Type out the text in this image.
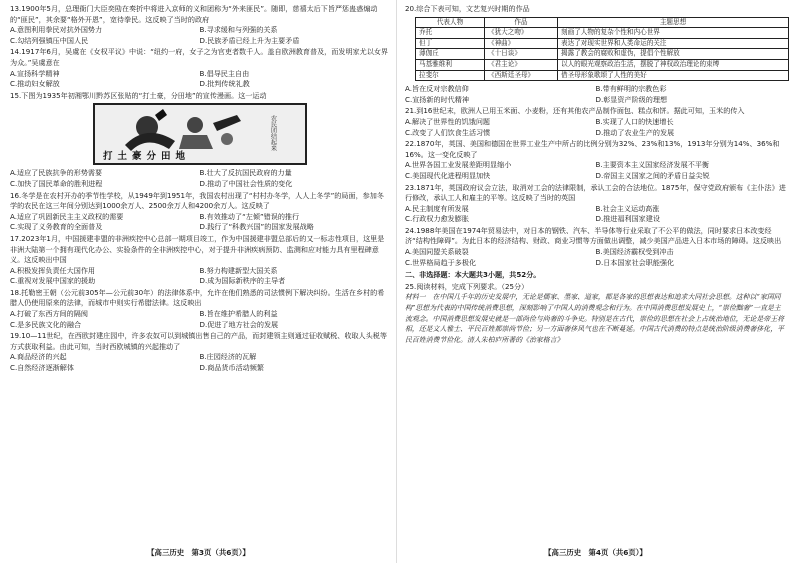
13.1900年5月，总理衙门大臣奕劻在奏折中将进入京师的义和团称为“外来匪民”。随即，慈禧太后下旨严惩蛊惑煽动的“匪民”，其余要“格外开恩”，宽待拳民。这反映了当时的政府

A.意图利用拳民对抗外国势力	B.寻求缓和与列强的关系
C.勾结列强镇压中国人民	D.民族矛盾已经上升为主要矛盾

14.1917年6月，吴虞在《女权平议》中说：“纽约一府，女子之为官吏者数千人。盖自欧洲教育普及，而发明家尤以女界为众。”吴虞意在

A.宣扬科学精神	B.倡导民主自由
C.推动妇女解放	D.批判传统礼教

15.下图为1935年初湘鄂川黔苏区张贴的“打土豪，分田地”的宣传漫画。这一运动

农民团结起来
打土豪分田地
A.适应了民族抗争的形势需要	B.壮大了反抗国民政府的力量
C.加快了国民革命的胜利进程	D.推动了中国社会性质的变化

16.冬学是在农村开办的季节性学校，从1949年到1951年，我国农村出现了“村村办冬学，人人上冬学”的局面，参加冬学的农民在这三年间分别达到1000余万人、2500余万人和4200余万人。这反映了

A.适应了巩固新民主主义政权的需要	B.有效推动了“左倾”错误的推行
C.实现了义务教育的全面普及	D.践行了“科教兴国”的国家发展战略

17.2023年1月，中国援建非盟的非洲疾控中心总部一期项目竣工，作为中国援建非盟总部后的又一标志性项目，这里是非洲大陆第一个拥有现代化办公、实验条件的全非洲疾控中心，对于提升非洲疾病预防、监测和应对能力具有里程碑意义。这反映出中国

A.积极发挥负责任大国作用	B.努力构建新型大国关系
C.重视对发展中国家的援助	D.成为国际新秩序的主导者

18.托勒密王朝（公元前305年—公元前30年）的法律体系中，允许在他们熟悉的司法惯例下解决纠纷。生活在乡村的希腊人仍使用原来的法律，而城市中则实行希腊法律。这反映出

A.打破了东西方间的隔阂	B.旨在维护希腊人的利益
C.是多民族文化的融合	D.促进了地方社会的发展

19.10—11世纪，在西欧封建庄园中，许多农奴可以到城镇出售自己的产品，而封建领主则通过征收赋税、收取人头税等方式获取利益。由此可知，当时西欧城镇的兴起推动了

A.商品经济的兴起	B.庄园经济的瓦解
C.自然经济逐渐解体	D.商品货币活动频繁
【高三历史　第3页（共6页）】

20.综合下表可知，文艺复兴时期的作品

代表人物	作品	主题思想
乔托	《犹大之吻》	刻画了人物的复杂个性和内心世界
但丁	《神曲》	表达了对现实世界和人类命运的关注
薄伽丘	《十日谈》	揭露了教会的腐败和虚伪，提倡个性解放
马基雅维利	《君主论》	以人的眼光观察政治生活，摆脱了神权政治理论的束缚
拉斐尔	《西斯廷圣母》	借圣母形象歌颂了人性的美好
A.旨在反对宗教信仰	B.带有鲜明的宗教色彩
C.宣扬新的时代精神	D.彰显资产阶级的理想

21.到16世纪末，欧洲人已用玉米面、小麦粉，还有其他农产品制作面包、糕点和饼。据此可知，玉米的传入

A.解决了世界性的饥饿问题	B.实现了人口的快速增长
C.改变了人们饮食生活习惯	D.推动了农业生产的发展

22.1870年，英国、美国和德国在世界工业生产中所占的比例分别为32%、23%和13%，1913年分别为14%、36%和16%。这一变化反映了

A.世界各国工业发展差距明显缩小	B.主要资本主义国家经济发展不平衡
C.美国现代化进程明显加快	D.帝国主义国家之间的矛盾日益尖锐

23.1871年，英国政府议会立法，取消对工会的法律限制，承认工会的合法地位。1875年，保守党政府颁布《主仆法》进行修改，承认工人和雇主的平等。这反映了当时的英国

A.民主制度有所发展	B.社会主义运动高涨
C.行政权力愈发膨胀	D.推进福利国家建设

24.1988年美国在1974年贸易法中，对日本的钢铁、汽车、半导体等行业采取了不公平的做法，同时要求日本改变经济“结构性障碍”。为此日本的经济结构、财政、商业习惯等方面做出调整，减少美国产品进入日本市场的障碍。这反映出

A.美国同盟关系破裂	B.美国经济霸权受到冲击
C.世界格局趋于多极化	D.日本国家社会职能强化
二、非选择题：本大题共3小题，共52分。

25.阅读材料，完成下列要求。（25分）

材料一　在中国几千年的历史发展中，无论是儒家、墨家、道家，都是各家的思想表达和追求大同社会思想。这种以“家国同构”思想为代表的中国传统消费思想，深刻影响了中国人的消费观念和行为。在中国消费思想发展史上，“崇俭黜奢”一直是主流观念。中国消费思想发展史就是一部尚俭与尚奢的斗争史。特别是在古代，崇俭的思想在社会上占统治地位，无论是帝王将相，还是文人雅士、平民百姓都崇尚节俭；另一方面奢侈风气也在不断蔓延。中国古代消费的特点是统治阶级消费奢侈化，平民百姓消费节俭化。清人朱柏庐所著的《治家格言》

【高三历史　第4页（共6页）】
